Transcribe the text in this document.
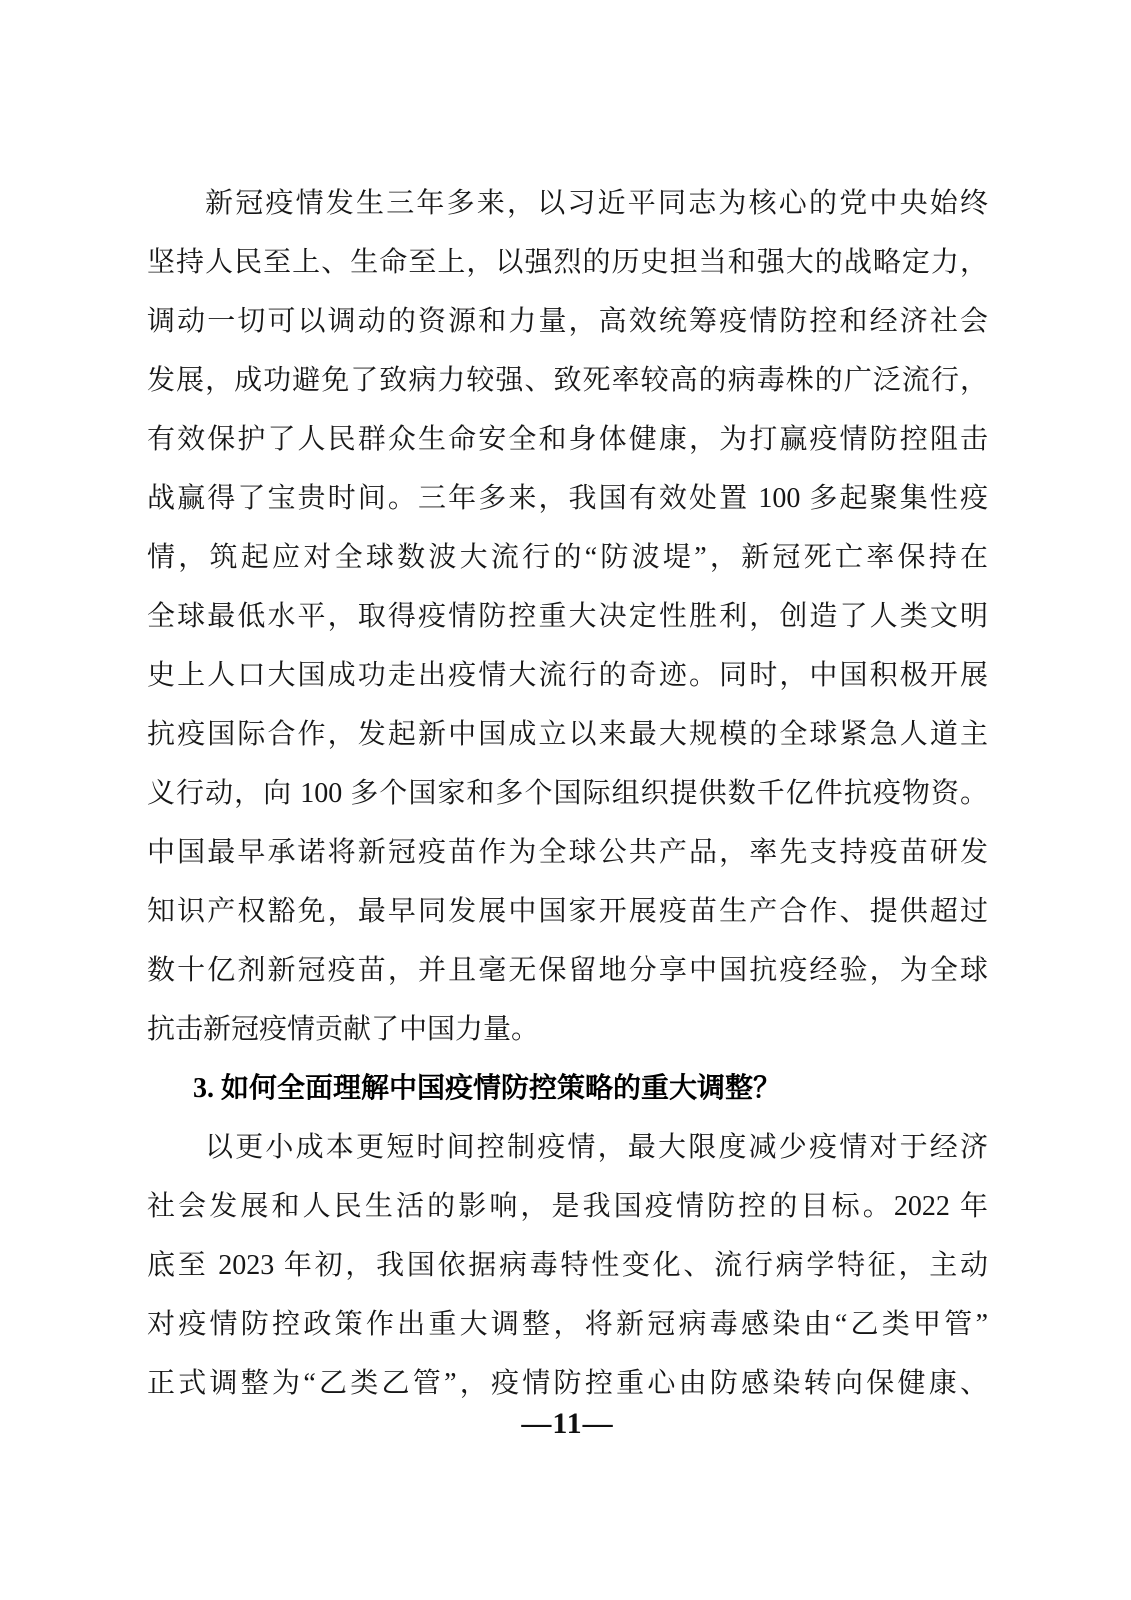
新冠疫情发生三年多来，以习近平同志为核心的党中央始终
坚持人民至上、生命至上，以强烈的历史担当和强大的战略定力，
调动一切可以调动的资源和力量，高效统筹疫情防控和经济社会
发展，成功避免了致病力较强、致死率较高的病毒株的广泛流行，
有效保护了人民群众生命安全和身体健康，为打赢疫情防控阻击
战赢得了宝贵时间。三年多来，我国有效处置 100 多起聚集性疫
情，筑起应对全球数波大流行的“防波堤”，新冠死亡率保持在
全球最低水平，取得疫情防控重大决定性胜利，创造了人类文明
史上人口大国成功走出疫情大流行的奇迹。同时，中国积极开展
抗疫国际合作，发起新中国成立以来最大规模的全球紧急人道主
义行动，向 100 多个国家和多个国际组织提供数千亿件抗疫物资。
中国最早承诺将新冠疫苗作为全球公共产品，率先支持疫苗研发
知识产权豁免，最早同发展中国家开展疫苗生产合作、提供超过
数十亿剂新冠疫苗，并且毫无保留地分享中国抗疫经验，为全球
抗击新冠疫情贡献了中国力量。
3. 如何全面理解中国疫情防控策略的重大调整？
以更小成本更短时间控制疫情，最大限度减少疫情对于经济
社会发展和人民生活的影响，是我国疫情防控的目标。2022 年
底至 2023 年初，我国依据病毒特性变化、流行病学特征，主动
对疫情防控政策作出重大调整，将新冠病毒感染由“乙类甲管”
正式调整为“乙类乙管”，疫情防控重心由防感染转向保健康、
—11—
